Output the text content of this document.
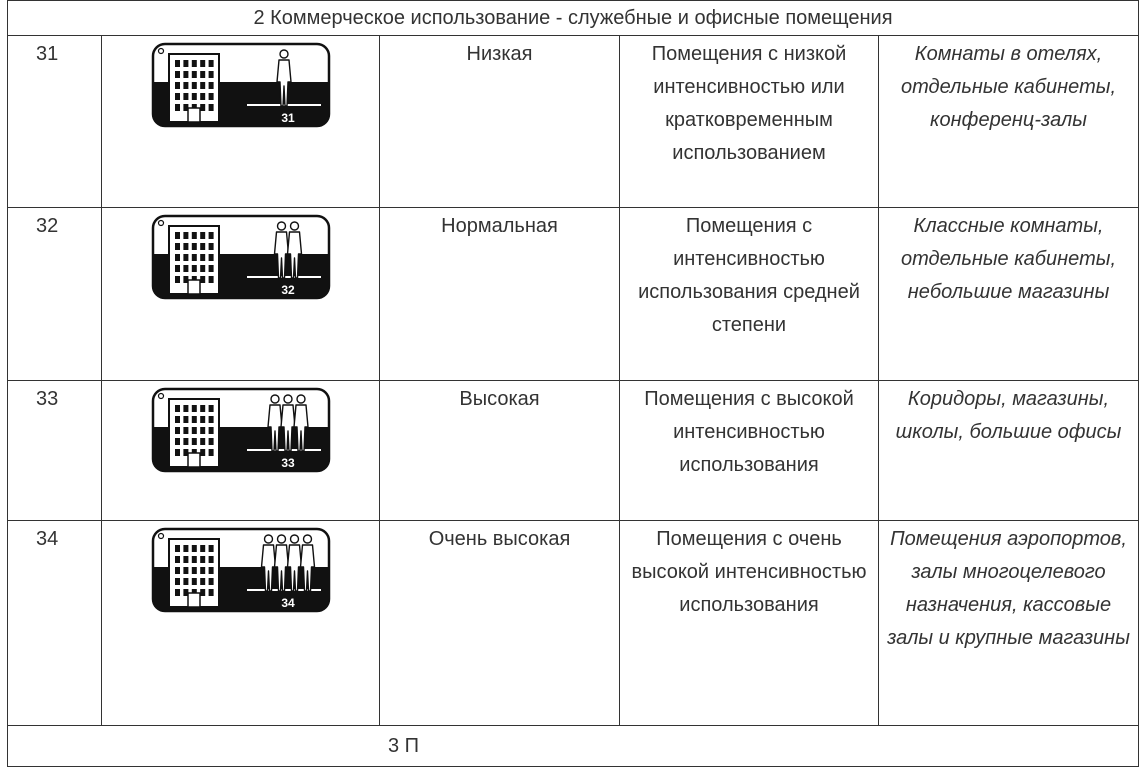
2 Коммерческое использование - служебные и офисные помещения				
31	31	Низкая	Помещения с низкой интенсивностью или кратковременным использованием	Комнаты в отелях, отдельные кабинеты, конференц-залы
32	32	Нормальная	Помещения с интенсивностью использования средней степени	Классные комнаты, отдельные кабинеты, небольшие магазины
33	33	Высокая	Помещения с высокой интенсивностью использования	Коридоры, магазины, школы, большие офисы
34	34	Очень высокая	Помещения с очень высокой интенсивностью использования	Помещения аэропортов, залы многоцелевого назначения, кассовые залы и крупные магазины
3 П				
